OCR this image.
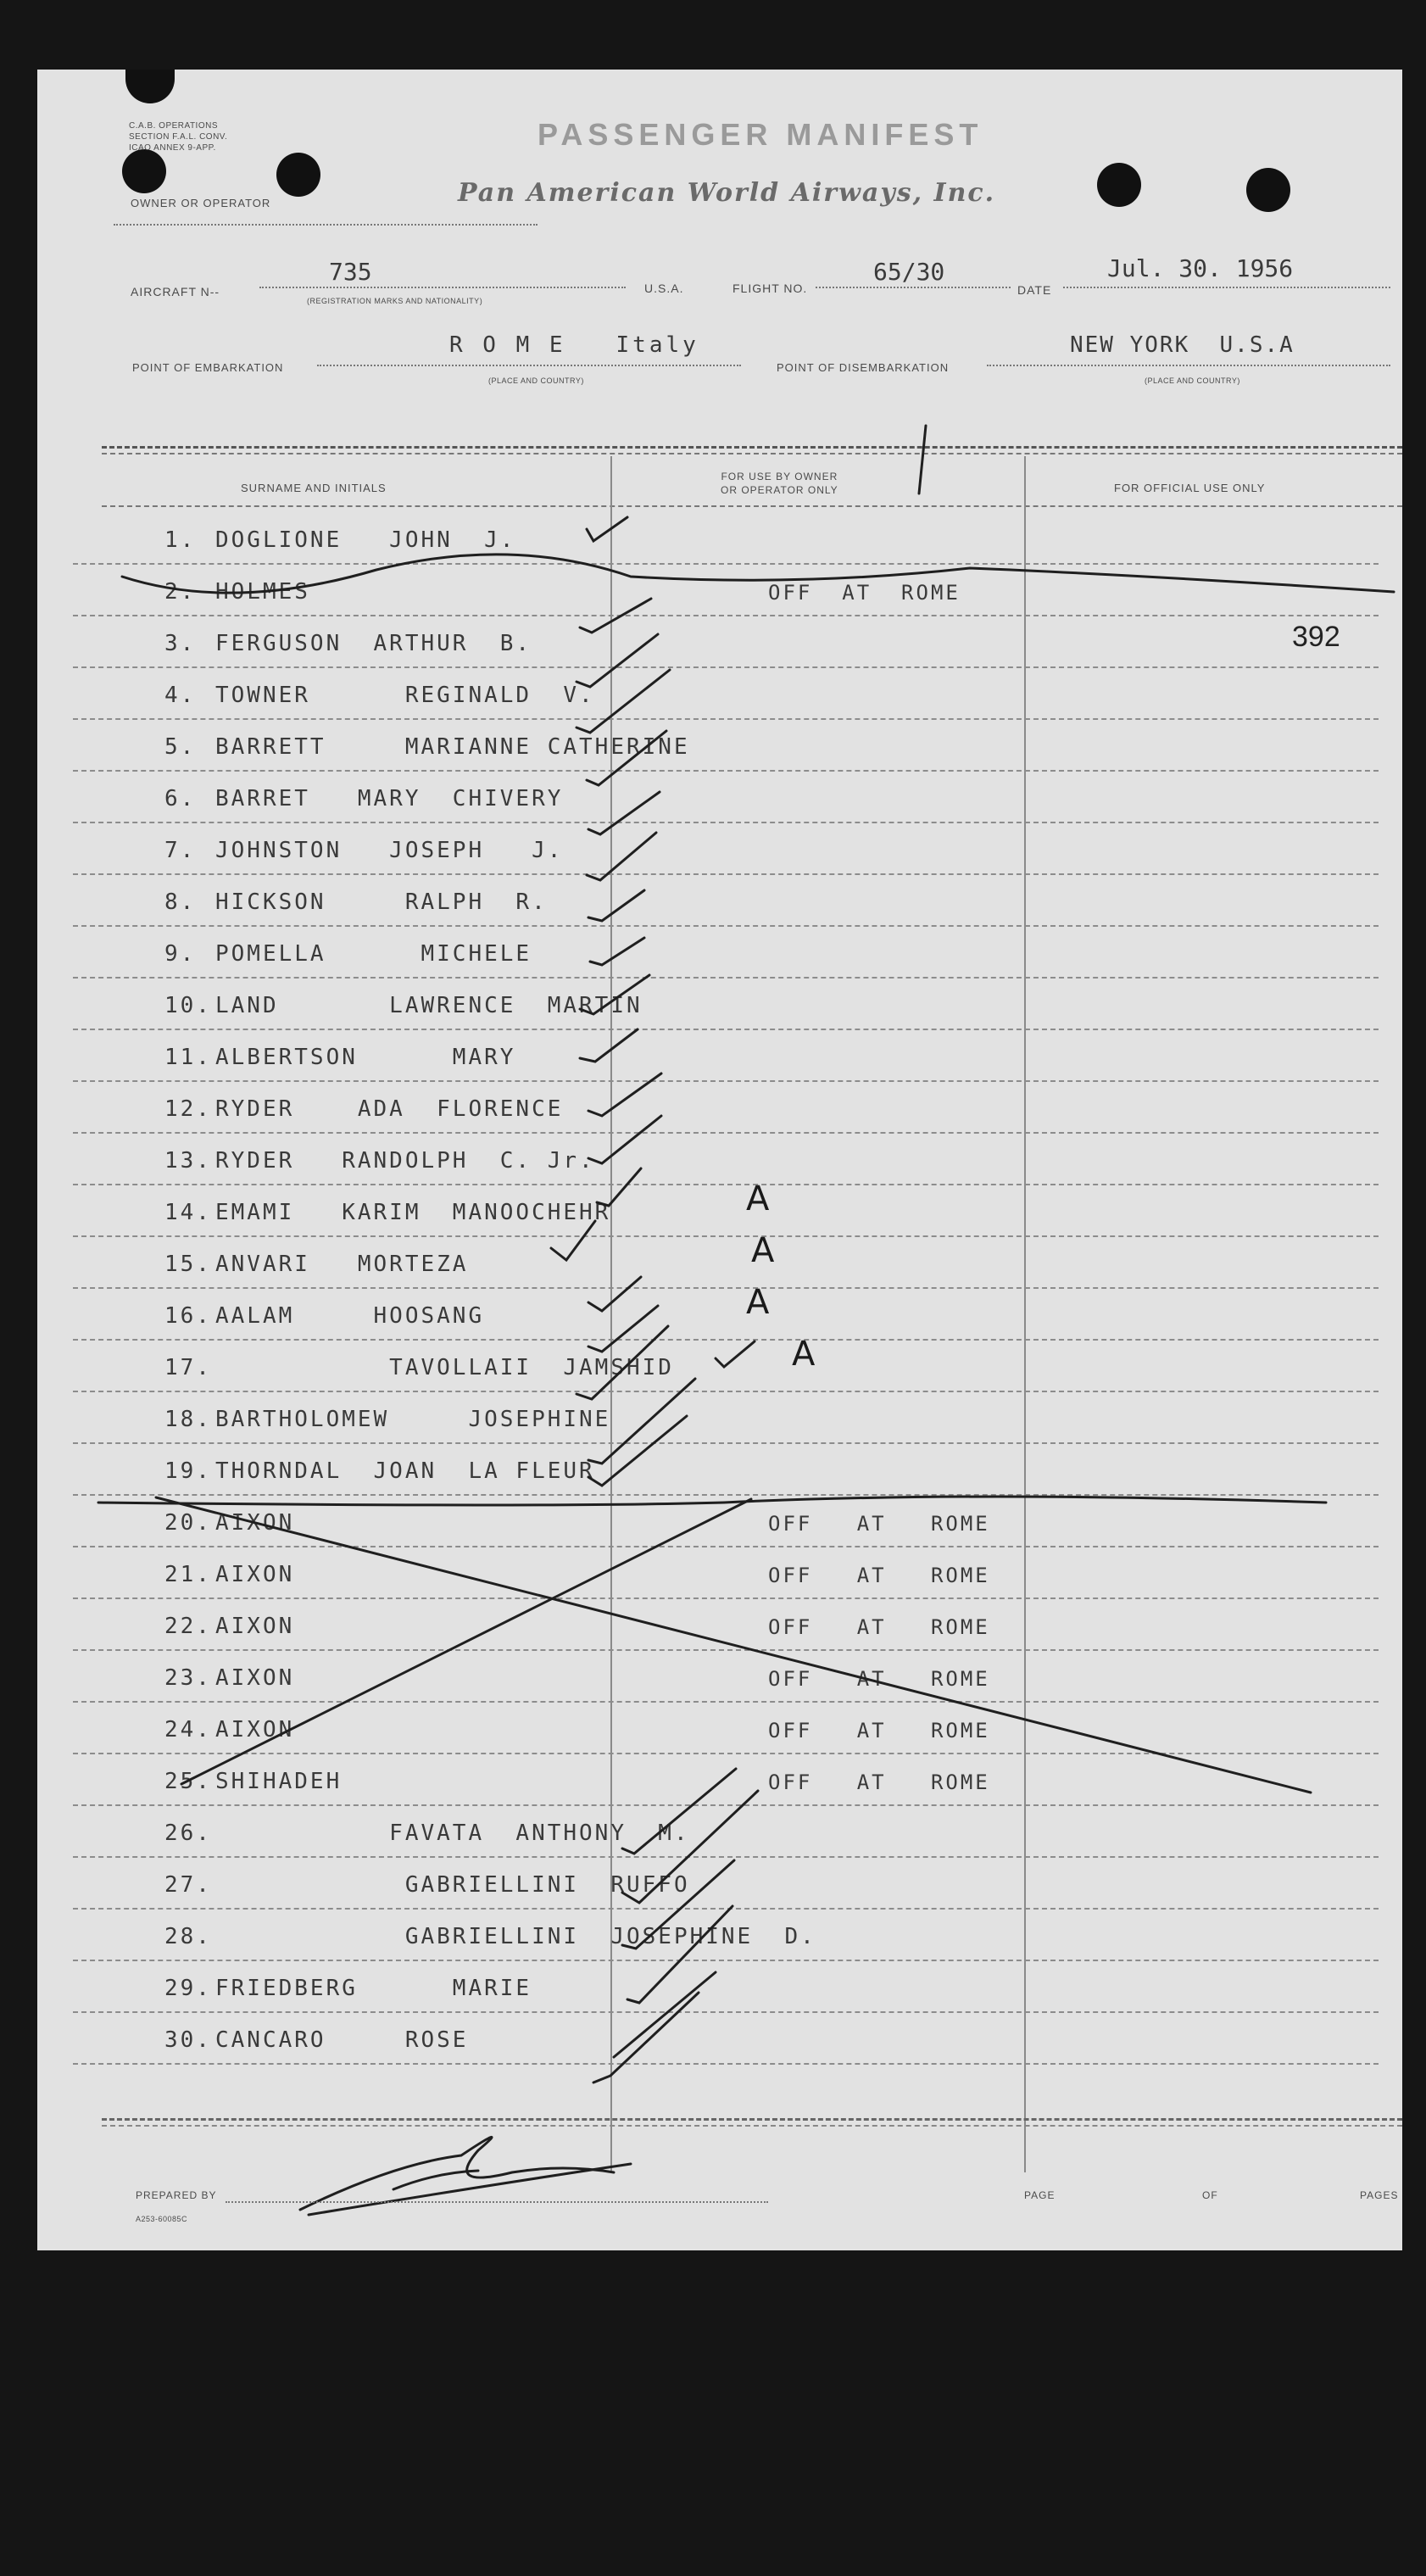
C.A.B. OPERATIONS
SECTION F.A.L. CONV.
ICAO ANNEX 9-APP.	PASSENGER MANIFEST
Pan American World Airways, Inc.
OWNER OR OPERATOR
AIRCRAFT N--
735
(REGISTRATION MARKS AND NATIONALITY)
U.S.A.	FLIGHT NO.
65/30
DATE
Jul. 30. 1956
POINT OF EMBARKATION
R O M E   Italy
(PLACE AND COUNTRY)
POINT OF DISEMBARKATION
NEW YORK  U.S.A
(PLACE AND COUNTRY)
SURNAME AND INITIALS
FOR USE BY OWNER
OR OPERATOR ONLY	FOR OFFICIAL USE ONLY
392
1. DOGLIONE   JOHN  J.
2. HOLMES	OFF  AT  ROME
3. FERGUSON  ARTHUR  B.
4. TOWNER      REGINALD  V.
5. BARRETT     MARIANNE CATHERINE
6. BARRET   MARY  CHIVERY
7. JOHNSTON   JOSEPH   J.
8. HICKSON     RALPH  R.
9. POMELLA      MICHELE
10. LAND       LAWRENCE  MARTIN
11. ALBERTSON      MARY
12. RYDER    ADA  FLORENCE
13. RYDER   RANDOLPH  C. Jr.
14. EMAMI   KARIM  MANOOCHEHR	A
15. ANVARI   MORTEZA	A
16. AALAM     HOOSANG	A
17.           TAVOLLAII  JAMSHID	A
18. BARTHOLOMEW     JOSEPHINE
19. THORNDAL  JOAN  LA FLEUR
20. AIXON	OFF   AT   ROME
21. AIXON	OFF   AT   ROME
22. AIXON	OFF   AT   ROME
23. AIXON	OFF   AT   ROME
24. AIXON	OFF   AT   ROME
25. SHIHADEH	OFF   AT   ROME
26.           FAVATA  ANTHONY  M.
27.            GABRIELLINI  RUFFO
28.            GABRIELLINI  JOSEPHINE  D.
29. FRIEDBERG      MARIE
30. CANCARO     ROSE
PREPARED BY	PAGE	OF	PAGES
A253-60085C
